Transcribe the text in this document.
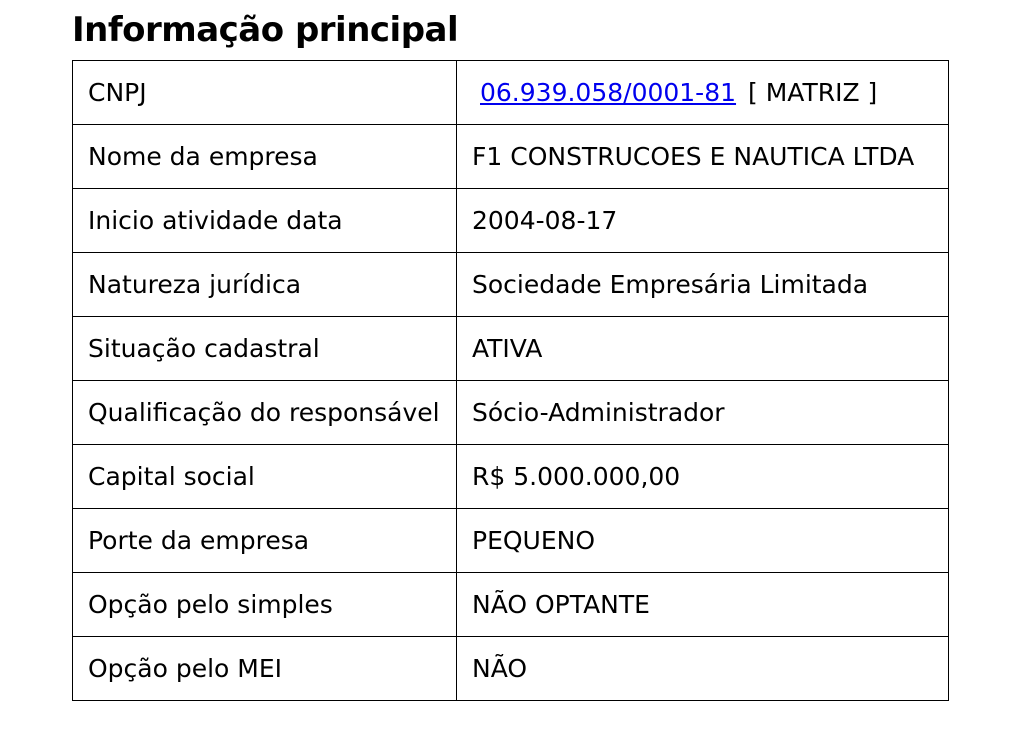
Informação principal
CNPJ	06.939.058/0001-81 [ MATRIZ ]
Nome da empresa	F1 CONSTRUCOES E NAUTICA LTDA
Inicio atividade data	2004-08-17
Natureza jurídica	Sociedade Empresária Limitada
Situação cadastral	ATIVA
Qualificação do responsável	Sócio-Administrador
Capital social	R$ 5.000.000,00
Porte da empresa	PEQUENO
Opção pelo simples	NÃO OPTANTE
Opção pelo MEI	NÃO
